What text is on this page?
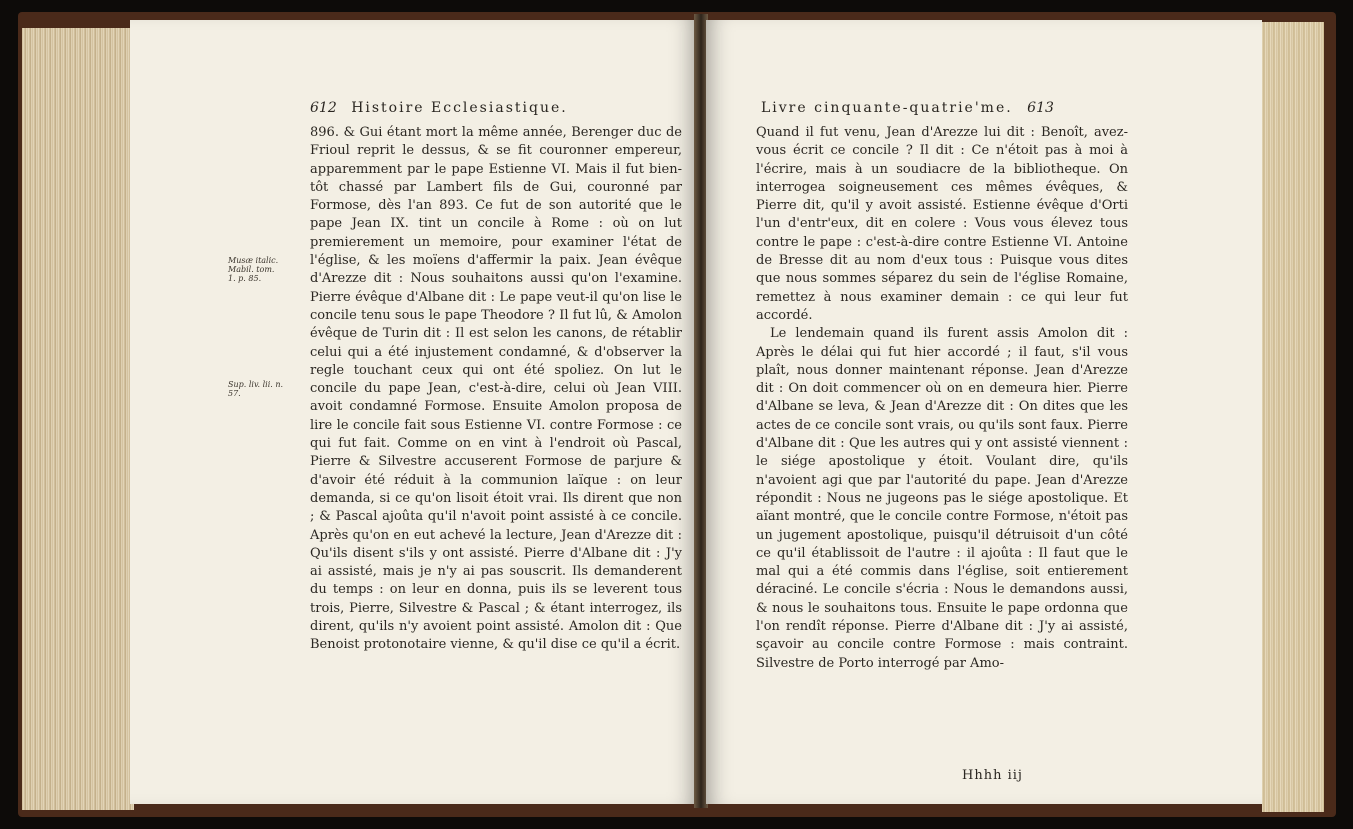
612 Histoire Ecclesiastique.
Musæ italic. Mabil. tom. 1. p. 85.
Sup. liv. lii. n. 57.

896. & Gui étant mort la même année, Berenger duc de Frioul reprit le dessus, & se fit couronner empereur, apparemment par le pape Estienne VI. Mais il fut bien-tôt chassé par Lambert fils de Gui, couronné par Formose, dès l'an 893. Ce fut de son autorité que le pape Jean IX. tint un concile à Rome : où on lut premierement un memoire, pour examiner l'état de l'église, & les moïens d'affermir la paix. Jean évêque d'Arezze dit : Nous souhaitons aussi qu'on l'examine. Pierre évêque d'Albane dit : Le pape veut-il qu'on lise le concile tenu sous le pape Theodore ? Il fut lû, & Amolon évêque de Turin dit : Il est selon les canons, de rétablir celui qui a été injustement condamné, & d'observer la regle touchant ceux qui ont été spoliez. On lut le concile du pape Jean, c'est-à-dire, celui où Jean VIII. avoit condamné Formose. Ensuite Amolon proposa de lire le concile fait sous Estienne VI. contre Formose : ce qui fut fait. Comme on en vint à l'endroit où Pascal, Pierre & Silvestre accuserent Formose de parjure & d'avoir été réduit à la communion laïque : on leur demanda, si ce qu'on lisoit étoit vrai. Ils dirent que non ; & Pascal ajoûta qu'il n'avoit point assisté à ce concile. Après qu'on en eut achevé la lecture, Jean d'Arezze dit : Qu'ils disent s'ils y ont assisté. Pierre d'Albane dit : J'y ai assisté, mais je n'y ai pas souscrit. Ils demanderent du temps : on leur en donna, puis ils se leverent tous trois, Pierre, Silvestre & Pascal ; & étant interrogez, ils dirent, qu'ils n'y avoient point assisté. Amolon dit : Que Benoist protonotaire vienne, & qu'il dise ce qu'il a écrit.

Livre cinquante-quatrie'me. 613

Quand il fut venu, Jean d'Arezze lui dit : Benoît, avez-vous écrit ce concile ? Il dit : Ce n'étoit pas à moi à l'écrire, mais à un soudiacre de la bibliotheque. On interrogea soigneusement ces mêmes évêques, & Pierre dit, qu'il y avoit assisté. Estienne évêque d'Orti l'un d'entr'eux, dit en colere : Vous vous élevez tous contre le pape : c'est-à-dire contre Estienne VI. Antoine de Bresse dit au nom d'eux tous : Puisque vous dites que nous sommes séparez du sein de l'église Romaine, remettez à nous examiner demain : ce qui leur fut accordé.

Le lendemain quand ils furent assis Amolon dit : Après le délai qui fut hier accordé ; il faut, s'il vous plaît, nous donner maintenant réponse. Jean d'Arezze dit : On doit commencer où on en demeura hier. Pierre d'Albane se leva, & Jean d'Arezze dit : On dites que les actes de ce concile sont vrais, ou qu'ils sont faux. Pierre d'Albane dit : Que les autres qui y ont assisté viennent : le siége apostolique y étoit. Voulant dire, qu'ils n'avoient agi que par l'autorité du pape. Jean d'Arezze répondit : Nous ne jugeons pas le siége apostolique. Et aïant montré, que le concile contre Formose, n'étoit pas un jugement apostolique, puisqu'il détruisoit d'un côté ce qu'il établissoit de l'autre : il ajoûta : Il faut que le mal qui a été commis dans l'église, soit entierement déraciné. Le concile s'écria : Nous le demandons aussi, & nous le souhaitons tous. Ensuite le pape ordonna que l'on rendît réponse. Pierre d'Albane dit : J'y ai assisté, sçavoir au concile contre Formose : mais contraint. Silvestre de Porto interrogé par Amo-

Hhhh iij
